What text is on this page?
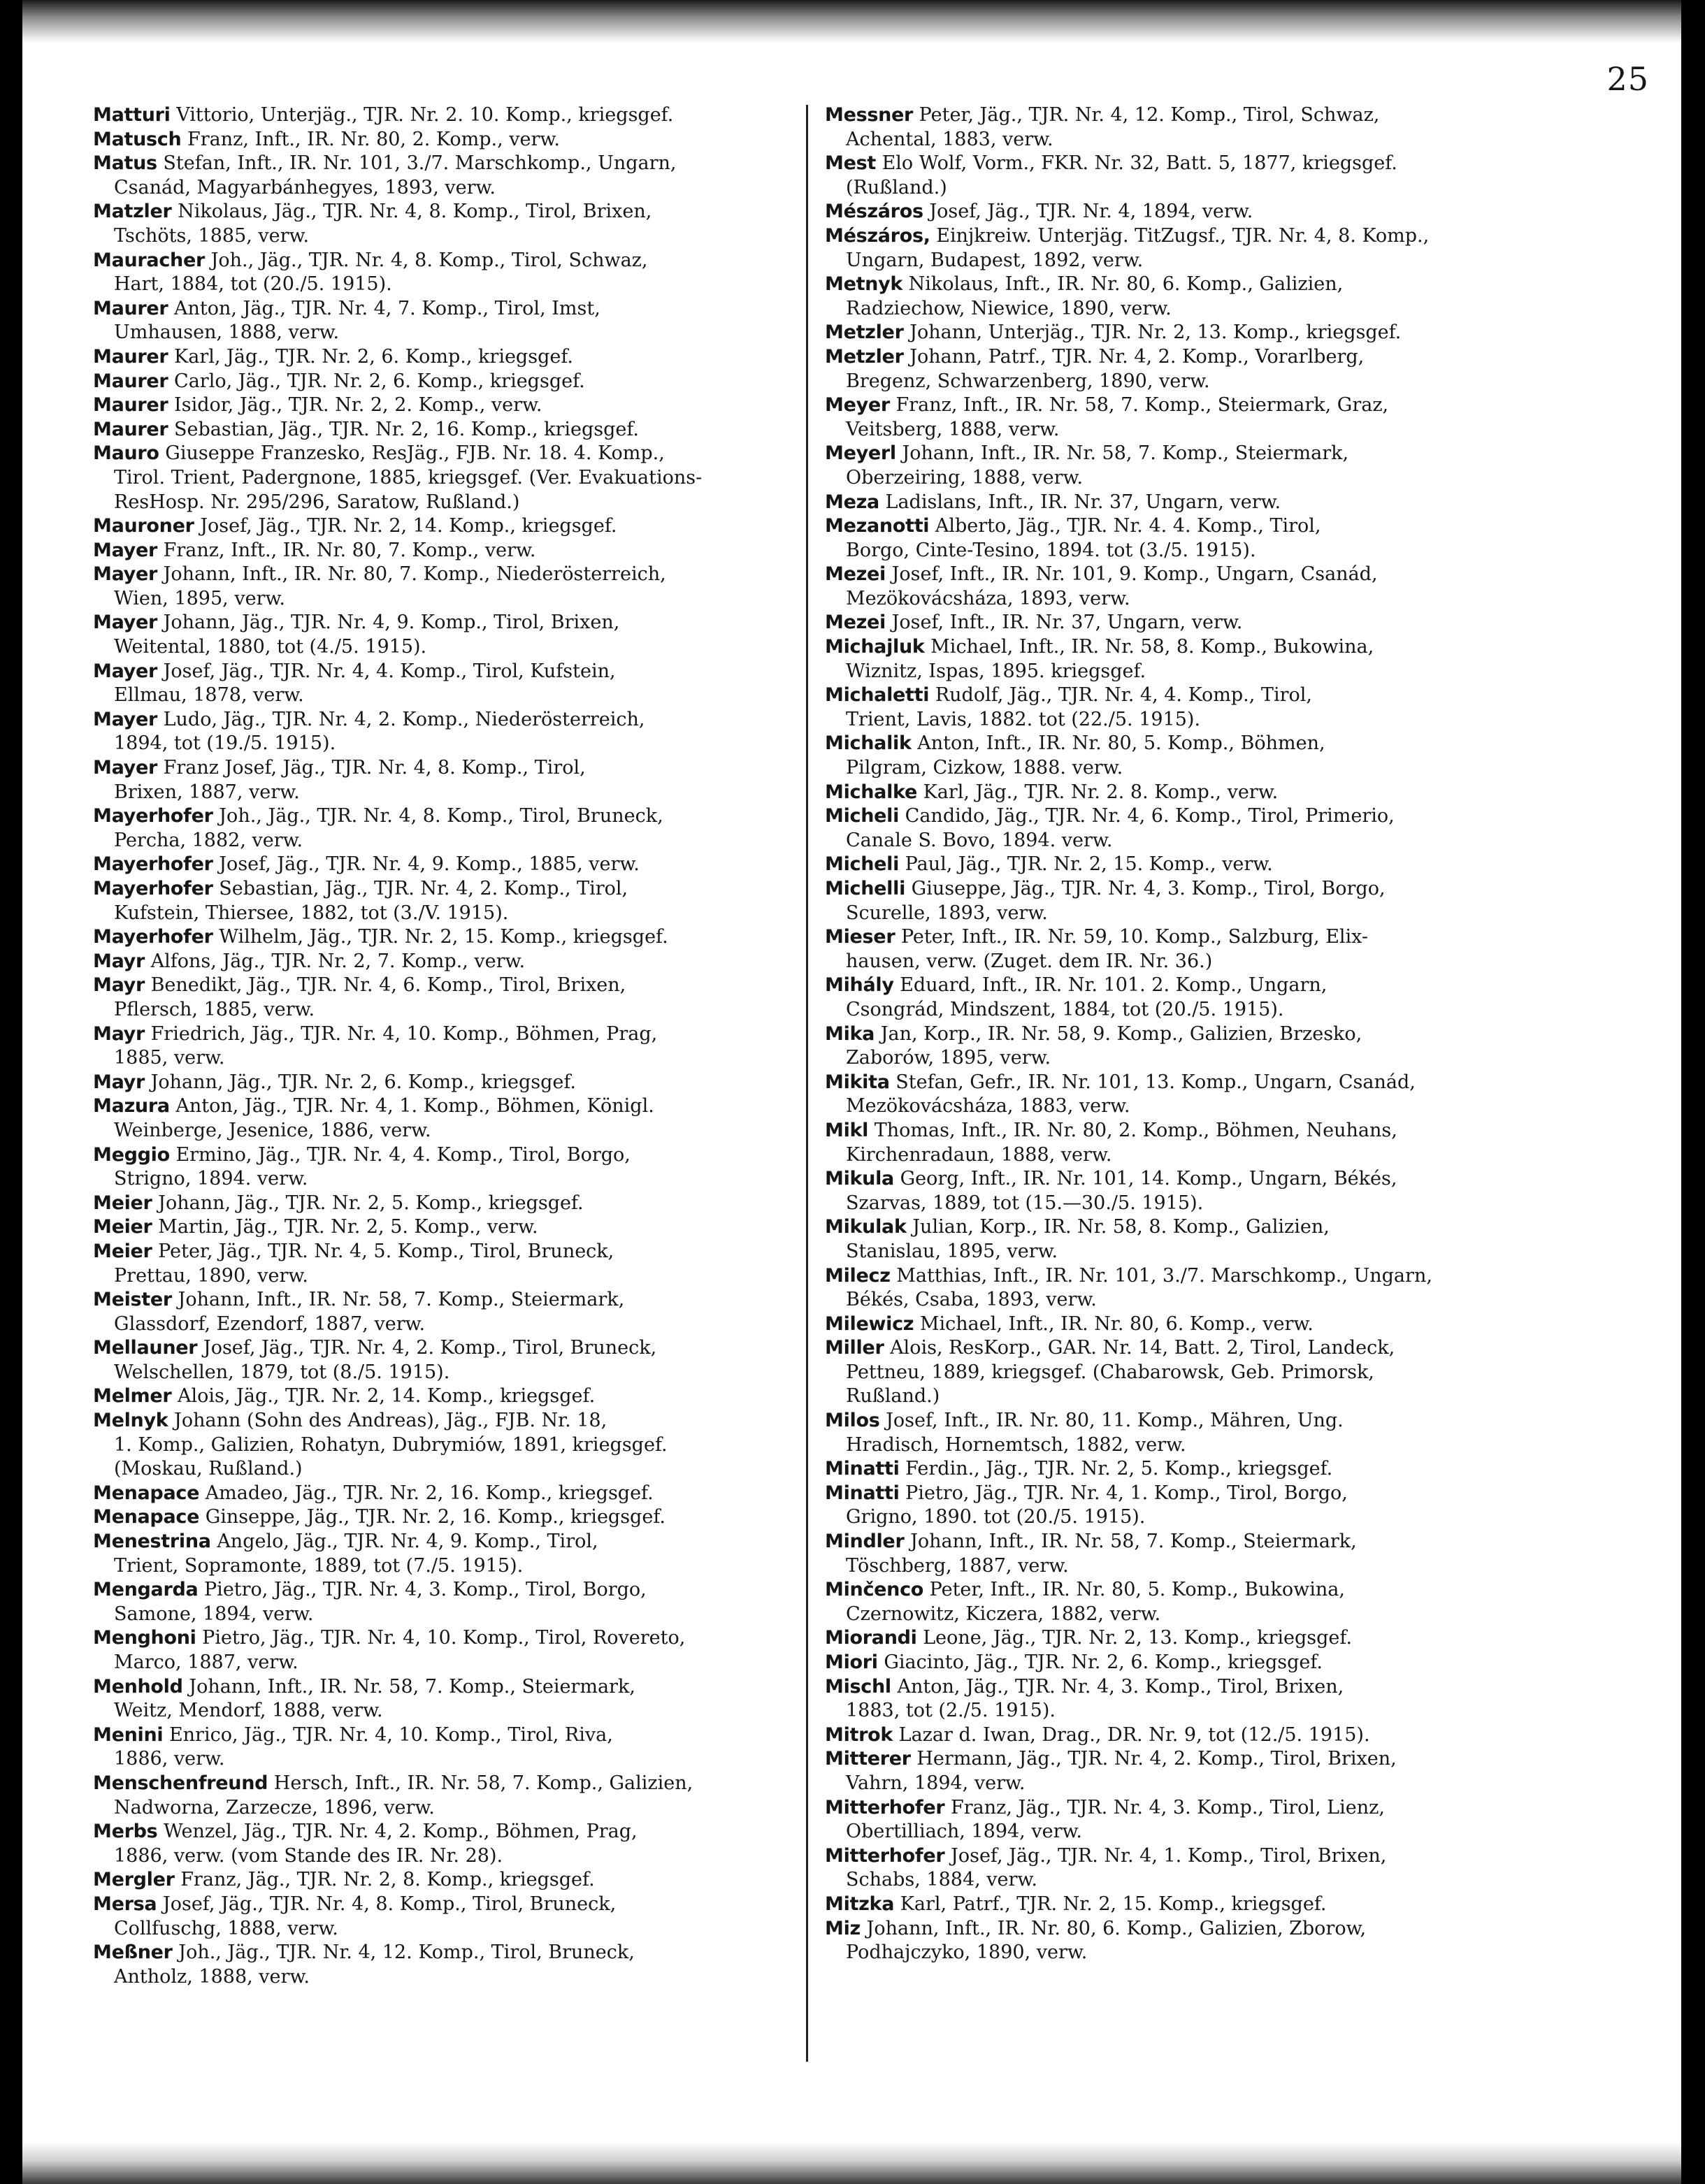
25

Matturi Vittorio, Unterjäg., TJR. Nr. 2. 10. Komp., kriegsgef.

Matusch Franz, Inft., IR. Nr. 80, 2. Komp., verw.

Matus Stefan, Inft., IR. Nr. 101, 3./7. Marschkomp., Ungarn,
Csanád, Magyarbánhegyes, 1893, verw.

Matzler Nikolaus, Jäg., TJR. Nr. 4, 8. Komp., Tirol, Brixen,
Tschöts, 1885, verw.

Mauracher Joh., Jäg., TJR. Nr. 4, 8. Komp., Tirol, Schwaz,
Hart, 1884, tot (20./5. 1915).

Maurer Anton, Jäg., TJR. Nr. 4, 7. Komp., Tirol, Imst,
Umhausen, 1888, verw.

Maurer Karl, Jäg., TJR. Nr. 2, 6. Komp., kriegsgef.

Maurer Carlo, Jäg., TJR. Nr. 2, 6. Komp., kriegsgef.

Maurer Isidor, Jäg., TJR. Nr. 2, 2. Komp., verw.

Maurer Sebastian, Jäg., TJR. Nr. 2, 16. Komp., kriegsgef.

Mauro Giuseppe Franzesko, ResJäg., FJB. Nr. 18. 4. Komp.,
Tirol. Trient, Padergnone, 1885, kriegsgef. (Ver. Evakuations-

ResHosp. Nr. 295/296, Saratow, Rußland.)

Mauroner Josef, Jäg., TJR. Nr. 2, 14. Komp., kriegsgef.

Mayer Franz, Inft., IR. Nr. 80, 7. Komp., verw.

Mayer Johann, Inft., IR. Nr. 80, 7. Komp., Niederösterreich,
Wien, 1895, verw.

Mayer Johann, Jäg., TJR. Nr. 4, 9. Komp., Tirol, Brixen,
Weitental, 1880, tot (4./5. 1915).

Mayer Josef, Jäg., TJR. Nr. 4, 4. Komp., Tirol, Kufstein,
Ellmau, 1878, verw.

Mayer Ludo, Jäg., TJR. Nr. 4, 2. Komp., Niederösterreich,
1894, tot (19./5. 1915).

Mayer Franz Josef, Jäg., TJR. Nr. 4, 8. Komp., Tirol,
Brixen, 1887, verw.

Mayerhofer Joh., Jäg., TJR. Nr. 4, 8. Komp., Tirol, Bruneck,
Percha, 1882, verw.

Mayerhofer Josef, Jäg., TJR. Nr. 4, 9. Komp., 1885, verw.

Mayerhofer Sebastian, Jäg., TJR. Nr. 4, 2. Komp., Tirol,
Kufstein, Thiersee, 1882, tot (3./V. 1915).

Mayerhofer Wilhelm, Jäg., TJR. Nr. 2, 15. Komp., kriegsgef.

Mayr Alfons, Jäg., TJR. Nr. 2, 7. Komp., verw.

Mayr Benedikt, Jäg., TJR. Nr. 4, 6. Komp., Tirol, Brixen,
Pflersch, 1885, verw.

Mayr Friedrich, Jäg., TJR. Nr. 4, 10. Komp., Böhmen, Prag,
1885, verw.

Mayr Johann, Jäg., TJR. Nr. 2, 6. Komp., kriegsgef.

Mazura Anton, Jäg., TJR. Nr. 4, 1. Komp., Böhmen, Königl.
Weinberge, Jesenice, 1886, verw.

Meggio Ermino, Jäg., TJR. Nr. 4, 4. Komp., Tirol, Borgo,
Strigno, 1894. verw.

Meier Johann, Jäg., TJR. Nr. 2, 5. Komp., kriegsgef.

Meier Martin, Jäg., TJR. Nr. 2, 5. Komp., verw.

Meier Peter, Jäg., TJR. Nr. 4, 5. Komp., Tirol, Bruneck,
Prettau, 1890, verw.

Meister Johann, Inft., IR. Nr. 58, 7. Komp., Steiermark,
Glassdorf, Ezendorf, 1887, verw.

Mellauner Josef, Jäg., TJR. Nr. 4, 2. Komp., Tirol, Bruneck,
Welschellen, 1879, tot (8./5. 1915).

Melmer Alois, Jäg., TJR. Nr. 2, 14. Komp., kriegsgef.

Melnyk Johann (Sohn des Andreas), Jäg., FJB. Nr. 18,
1. Komp., Galizien, Rohatyn, Dubrymiów, 1891, kriegsgef.

(Moskau, Rußland.)

Menapace Amadeo, Jäg., TJR. Nr. 2, 16. Komp., kriegsgef.

Menapace Ginseppe, Jäg., TJR. Nr. 2, 16. Komp., kriegsgef.

Menestrina Angelo, Jäg., TJR. Nr. 4, 9. Komp., Tirol,
Trient, Sopramonte, 1889, tot (7./5. 1915).

Mengarda Pietro, Jäg., TJR. Nr. 4, 3. Komp., Tirol, Borgo,
Samone, 1894, verw.

Menghoni Pietro, Jäg., TJR. Nr. 4, 10. Komp., Tirol, Rovereto,
Marco, 1887, verw.

Menhold Johann, Inft., IR. Nr. 58, 7. Komp., Steiermark,
Weitz, Mendorf, 1888, verw.

Menini Enrico, Jäg., TJR. Nr. 4, 10. Komp., Tirol, Riva,
1886, verw.

Menschenfreund Hersch, Inft., IR. Nr. 58, 7. Komp., Galizien,
Nadworna, Zarzecze, 1896, verw.

Merbs Wenzel, Jäg., TJR. Nr. 4, 2. Komp., Böhmen, Prag,
1886, verw. (vom Stande des IR. Nr. 28).

Mergler Franz, Jäg., TJR. Nr. 2, 8. Komp., kriegsgef.

Mersa Josef, Jäg., TJR. Nr. 4, 8. Komp., Tirol, Bruneck,
Collfuschg, 1888, verw.

Meßner Joh., Jäg., TJR. Nr. 4, 12. Komp., Tirol, Bruneck,
Antholz, 1888, verw.

Messner Peter, Jäg., TJR. Nr. 4, 12. Komp., Tirol, Schwaz,
Achental, 1883, verw.

Mest Elo Wolf, Vorm., FKR. Nr. 32, Batt. 5, 1877, kriegsgef.
(Rußland.)

Mészáros Josef, Jäg., TJR. Nr. 4, 1894, verw.

Mészáros, Einjkreiw. Unterjäg. TitZugsf., TJR. Nr. 4, 8. Komp.,
Ungarn, Budapest, 1892, verw.

Metnyk Nikolaus, Inft., IR. Nr. 80, 6. Komp., Galizien,
Radziechow, Niewice, 1890, verw.

Metzler Johann, Unterjäg., TJR. Nr. 2, 13. Komp., kriegsgef.

Metzler Johann, Patrf., TJR. Nr. 4, 2. Komp., Vorarlberg,
Bregenz, Schwarzenberg, 1890, verw.

Meyer Franz, Inft., IR. Nr. 58, 7. Komp., Steiermark, Graz,
Veitsberg, 1888, verw.

Meyerl Johann, Inft., IR. Nr. 58, 7. Komp., Steiermark,
Oberzeiring, 1888, verw.

Meza Ladislans, Inft., IR. Nr. 37, Ungarn, verw.

Mezanotti Alberto, Jäg., TJR. Nr. 4. 4. Komp., Tirol,
Borgo, Cinte-Tesino, 1894. tot (3./5. 1915).

Mezei Josef, Inft., IR. Nr. 101, 9. Komp., Ungarn, Csanád,
Mezökovácsháza, 1893, verw.

Mezei Josef, Inft., IR. Nr. 37, Ungarn, verw.

Michajluk Michael, Inft., IR. Nr. 58, 8. Komp., Bukowina,
Wiznitz, Ispas, 1895. kriegsgef.

Michaletti Rudolf, Jäg., TJR. Nr. 4, 4. Komp., Tirol,
Trient, Lavis, 1882. tot (22./5. 1915).

Michalik Anton, Inft., IR. Nr. 80, 5. Komp., Böhmen,
Pilgram, Cizkow, 1888. verw.

Michalke Karl, Jäg., TJR. Nr. 2. 8. Komp., verw.

Micheli Candido, Jäg., TJR. Nr. 4, 6. Komp., Tirol, Primerio,
Canale S. Bovo, 1894. verw.

Micheli Paul, Jäg., TJR. Nr. 2, 15. Komp., verw.

Michelli Giuseppe, Jäg., TJR. Nr. 4, 3. Komp., Tirol, Borgo,
Scurelle, 1893, verw.

Mieser Peter, Inft., IR. Nr. 59, 10. Komp., Salzburg, Elix-
hausen, verw. (Zuget. dem IR. Nr. 36.)

Mihály Eduard, Inft., IR. Nr. 101. 2. Komp., Ungarn,
Csongrád, Mindszent, 1884, tot (20./5. 1915).

Mika Jan, Korp., IR. Nr. 58, 9. Komp., Galizien, Brzesko,
Zaborów, 1895, verw.

Mikita Stefan, Gefr., IR. Nr. 101, 13. Komp., Ungarn, Csanád,
Mezökovácsháza, 1883, verw.

Mikl Thomas, Inft., IR. Nr. 80, 2. Komp., Böhmen, Neuhans,
Kirchenradaun, 1888, verw.

Mikula Georg, Inft., IR. Nr. 101, 14. Komp., Ungarn, Békés,
Szarvas, 1889, tot (15.—30./5. 1915).

Mikulak Julian, Korp., IR. Nr. 58, 8. Komp., Galizien,
Stanislau, 1895, verw.

Milecz Matthias, Inft., IR. Nr. 101, 3./7. Marschkomp., Ungarn,
Békés, Csaba, 1893, verw.

Milewicz Michael, Inft., IR. Nr. 80, 6. Komp., verw.

Miller Alois, ResKorp., GAR. Nr. 14, Batt. 2, Tirol, Landeck,
Pettneu, 1889, kriegsgef. (Chabarowsk, Geb. Primorsk,

Rußland.)

Milos Josef, Inft., IR. Nr. 80, 11. Komp., Mähren, Ung.
Hradisch, Hornemtsch, 1882, verw.

Minatti Ferdin., Jäg., TJR. Nr. 2, 5. Komp., kriegsgef.

Minatti Pietro, Jäg., TJR. Nr. 4, 1. Komp., Tirol, Borgo,
Grigno, 1890. tot (20./5. 1915).

Mindler Johann, Inft., IR. Nr. 58, 7. Komp., Steiermark,
Töschberg, 1887, verw.

Minčenco Peter, Inft., IR. Nr. 80, 5. Komp., Bukowina,
Czernowitz, Kiczera, 1882, verw.

Miorandi Leone, Jäg., TJR. Nr. 2, 13. Komp., kriegsgef.

Miori Giacinto, Jäg., TJR. Nr. 2, 6. Komp., kriegsgef.

Mischl Anton, Jäg., TJR. Nr. 4, 3. Komp., Tirol, Brixen,
1883, tot (2./5. 1915).

Mitrok Lazar d. Iwan, Drag., DR. Nr. 9, tot (12./5. 1915).

Mitterer Hermann, Jäg., TJR. Nr. 4, 2. Komp., Tirol, Brixen,
Vahrn, 1894, verw.

Mitterhofer Franz, Jäg., TJR. Nr. 4, 3. Komp., Tirol, Lienz,
Obertilliach, 1894, verw.

Mitterhofer Josef, Jäg., TJR. Nr. 4, 1. Komp., Tirol, Brixen,
Schabs, 1884, verw.

Mitzka Karl, Patrf., TJR. Nr. 2, 15. Komp., kriegsgef.

Miz Johann, Inft., IR. Nr. 80, 6. Komp., Galizien, Zborow,
Podhajczyko, 1890, verw.
